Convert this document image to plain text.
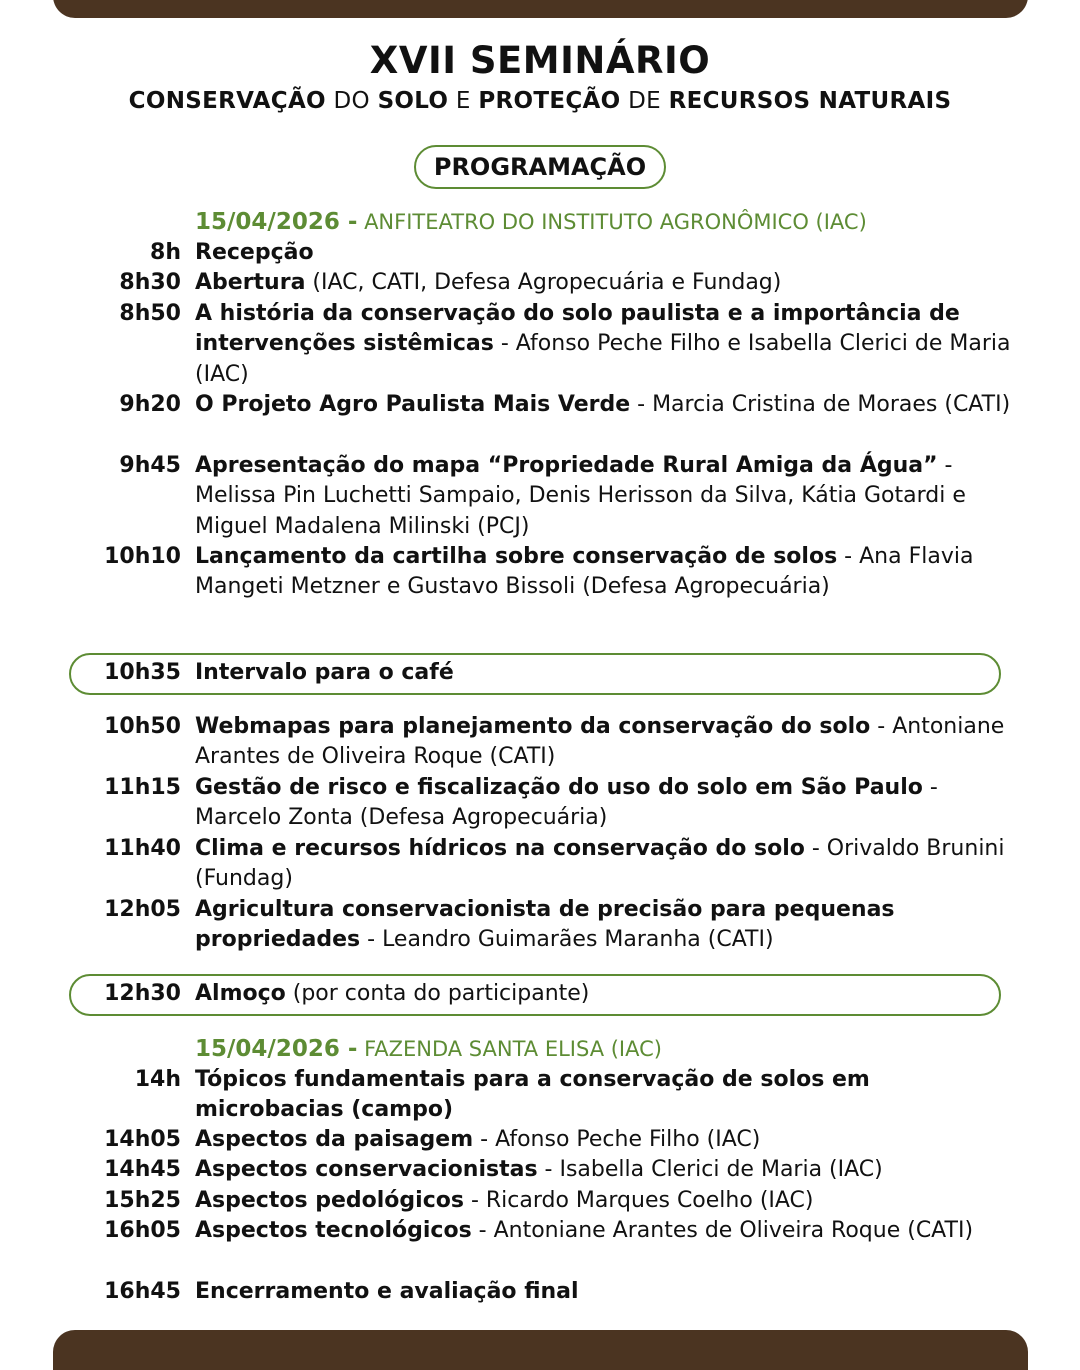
XVII SEMINÁRIO
CONSERVAÇÃO DO SOLO E PROTEÇÃO DE RECURSOS NATURAIS
PROGRAMAÇÃO
15/04/2026 - ANFITEATRO DO INSTITUTO AGRONÔMICO (IAC)
8h Recepção
8h30 Abertura (IAC, CATI, Defesa Agropecuária e Fundag)
8h50 A história da conservação do solo paulista e a importância de intervenções sistêmicas - Afonso Peche Filho e Isabella Clerici de Maria (IAC)
9h20 O Projeto Agro Paulista Mais Verde - Marcia Cristina de Moraes (CATI)
9h45 Apresentação do mapa “Propriedade Rural Amiga da Água” - Melissa Pin Luchetti Sampaio, Denis Herisson da Silva, Kátia Gotardi e Miguel Madalena Milinski (PCJ)
10h10 Lançamento da cartilha sobre conservação de solos - Ana Flavia Mangeti Metzner e Gustavo Bissoli (Defesa Agropecuária)
10h35 Intervalo para o café
10h50 Webmapas para planejamento da conservação do solo - Antoniane Arantes de Oliveira Roque (CATI)
11h15 Gestão de risco e fiscalização do uso do solo em São Paulo - Marcelo Zonta (Defesa Agropecuária)
11h40 Clima e recursos hídricos na conservação do solo - Orivaldo Brunini (Fundag)
12h05 Agricultura conservacionista de precisão para pequenas propriedades - Leandro Guimarães Maranha (CATI)
12h30 Almoço (por conta do participante)
15/04/2026 - FAZENDA SANTA ELISA (IAC)
14h Tópicos fundamentais para a conservação de solos em microbacias (campo)
14h05 Aspectos da paisagem - Afonso Peche Filho (IAC)
14h45 Aspectos conservacionistas - Isabella Clerici de Maria (IAC)
15h25 Aspectos pedológicos - Ricardo Marques Coelho (IAC)
16h05 Aspectos tecnológicos - Antoniane Arantes de Oliveira Roque (CATI)
16h45 Encerramento e avaliação final
